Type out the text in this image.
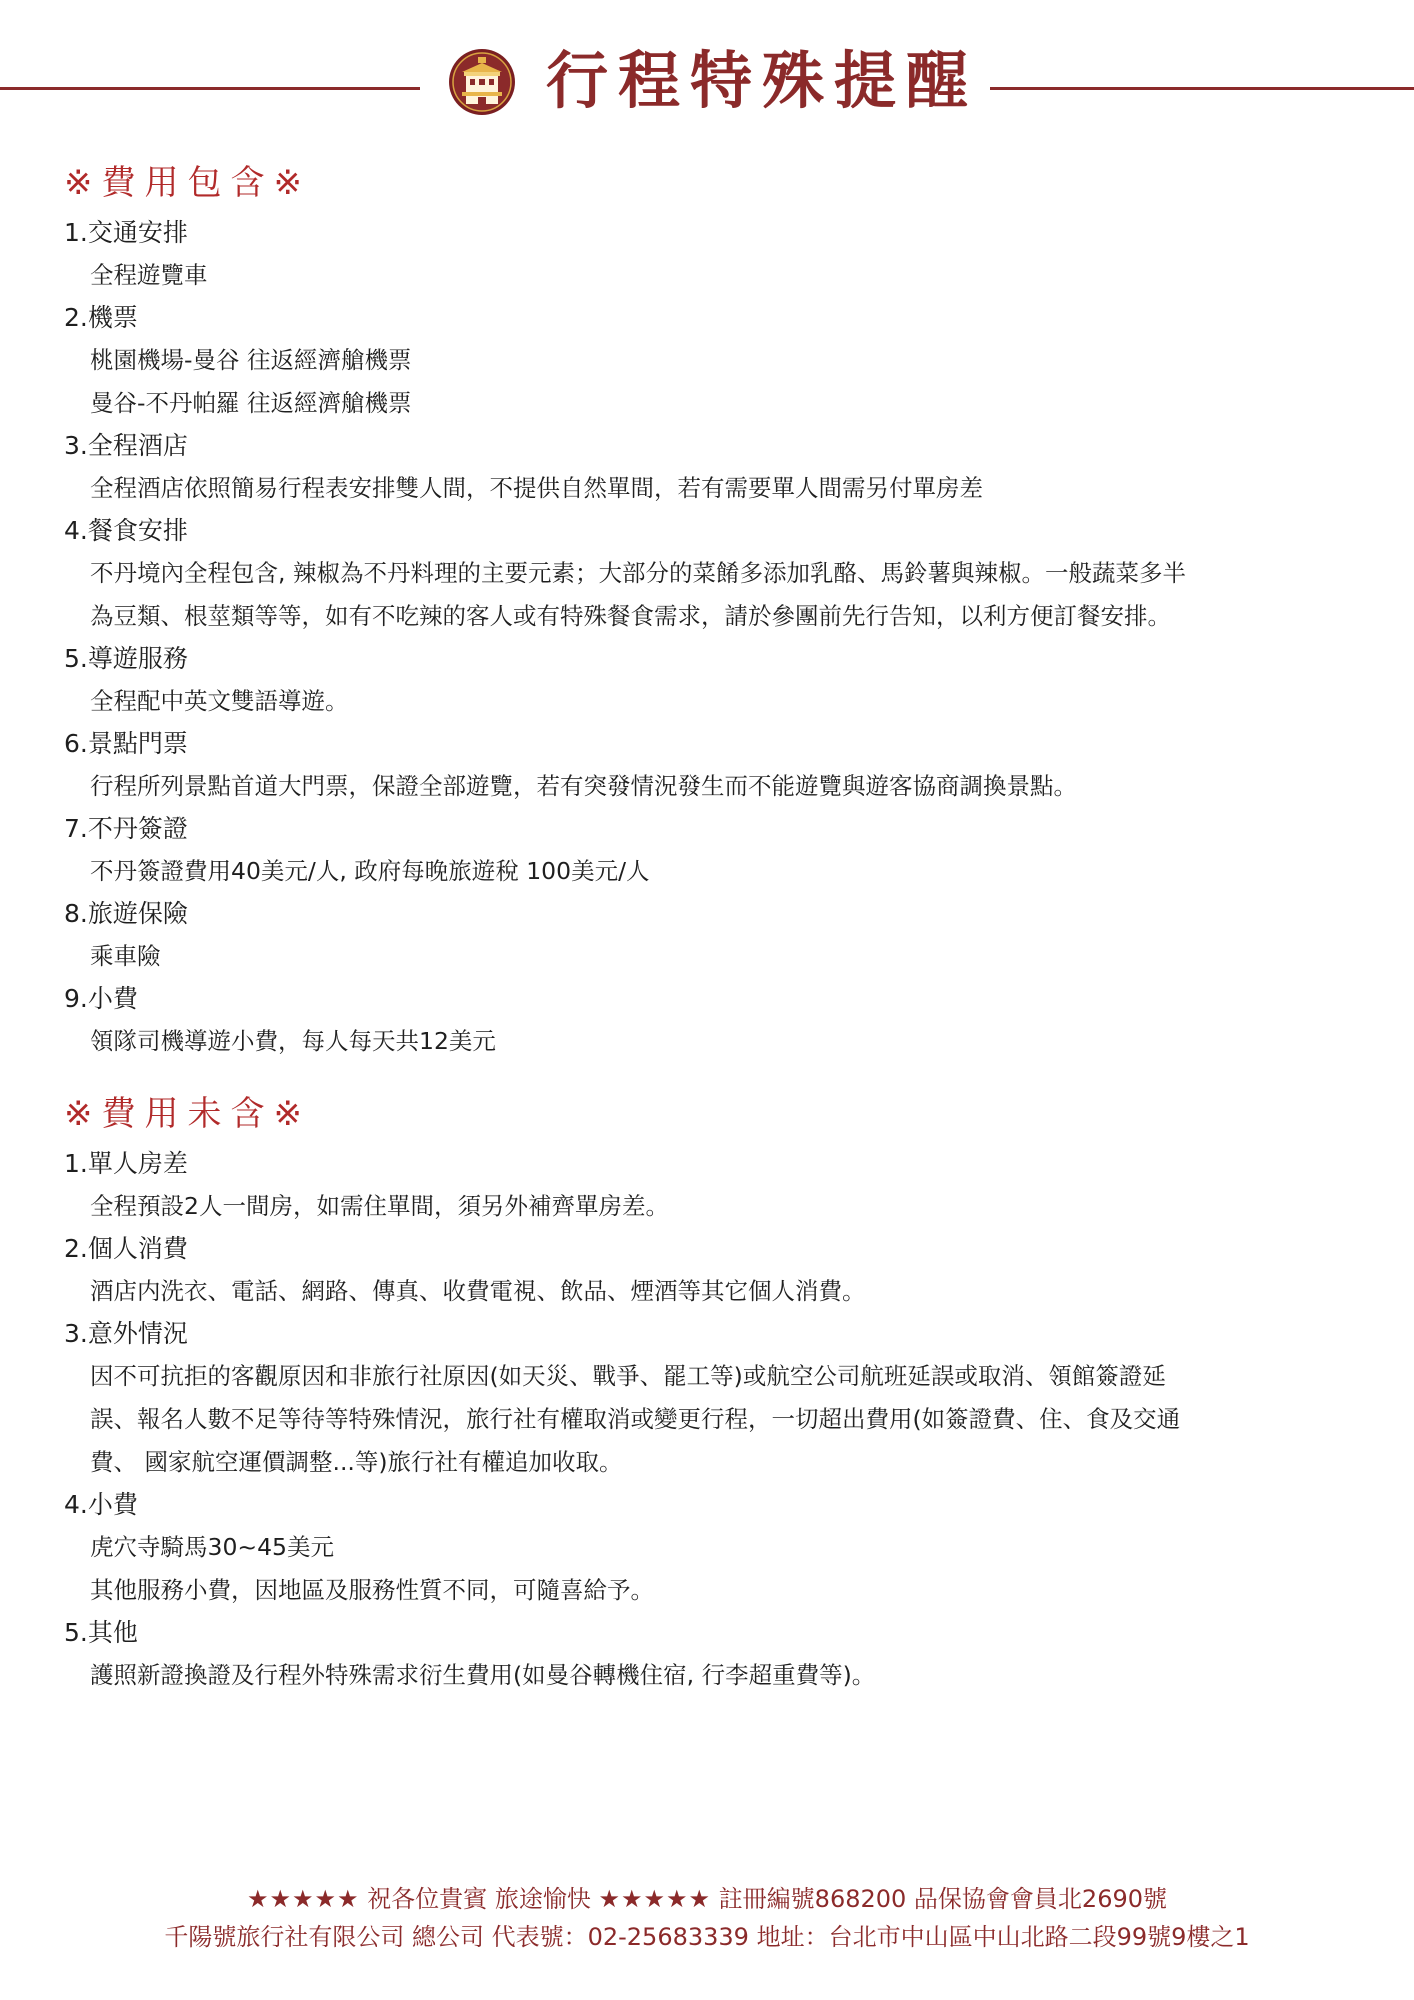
行程特殊提醒
※費用包含※
1.交通安排
全程遊覽車
2.機票
桃園機場-曼谷 往返經濟艙機票
曼谷-不丹帕羅 往返經濟艙機票
3.全程酒店
全程酒店依照簡易行程表安排雙人間，不提供自然單間，若有需要單人間需另付單房差
4.餐食安排
不丹境內全程包含, 辣椒為不丹料理的主要元素；大部分的菜餚多添加乳酪、馬鈴薯與辣椒。一般蔬菜多半
為豆類、根莖類等等，如有不吃辣的客人或有特殊餐食需求，請於參團前先行告知，以利方便訂餐安排。
5.導遊服務
全程配中英文雙語導遊。
6.景點門票
行程所列景點首道大門票，保證全部遊覽，若有突發情況發生而不能遊覽與遊客協商調換景點。
7.不丹簽證
不丹簽證費用40美元/人, 政府每晚旅遊稅 100美元/人
8.旅遊保險
乘車險
9.小費
領隊司機導遊小費，每人每天共12美元
※費用未含※
1.單人房差
全程預設2人一間房，如需住單間，須另外補齊單房差。
2.個人消費
酒店内洗衣、電話、網路、傳真、收費電視、飲品、煙酒等其它個人消費。
3.意外情況
因不可抗拒的客觀原因和非旅行社原因(如天災、戰爭、罷工等)或航空公司航班延誤或取消、領館簽證延
誤、報名人數不足等待等特殊情況，旅行社有權取消或變更行程，一切超出費用(如簽證費、住、食及交通
費、 國家航空運價調整...等)旅行社有權追加收取。
4.小費
虎穴寺騎馬30~45美元
其他服務小費，因地區及服務性質不同，可隨喜給予。
5.其他
護照新證換證及行程外特殊需求衍生費用(如曼谷轉機住宿, 行李超重費等)。
★★★★★ 祝各位貴賓 旅途愉快 ★★★★★ 註冊編號868200 品保協會會員北2690號
千陽號旅行社有限公司 總公司 代表號：02-25683339 地址：台北市中山區中山北路二段99號9樓之1
